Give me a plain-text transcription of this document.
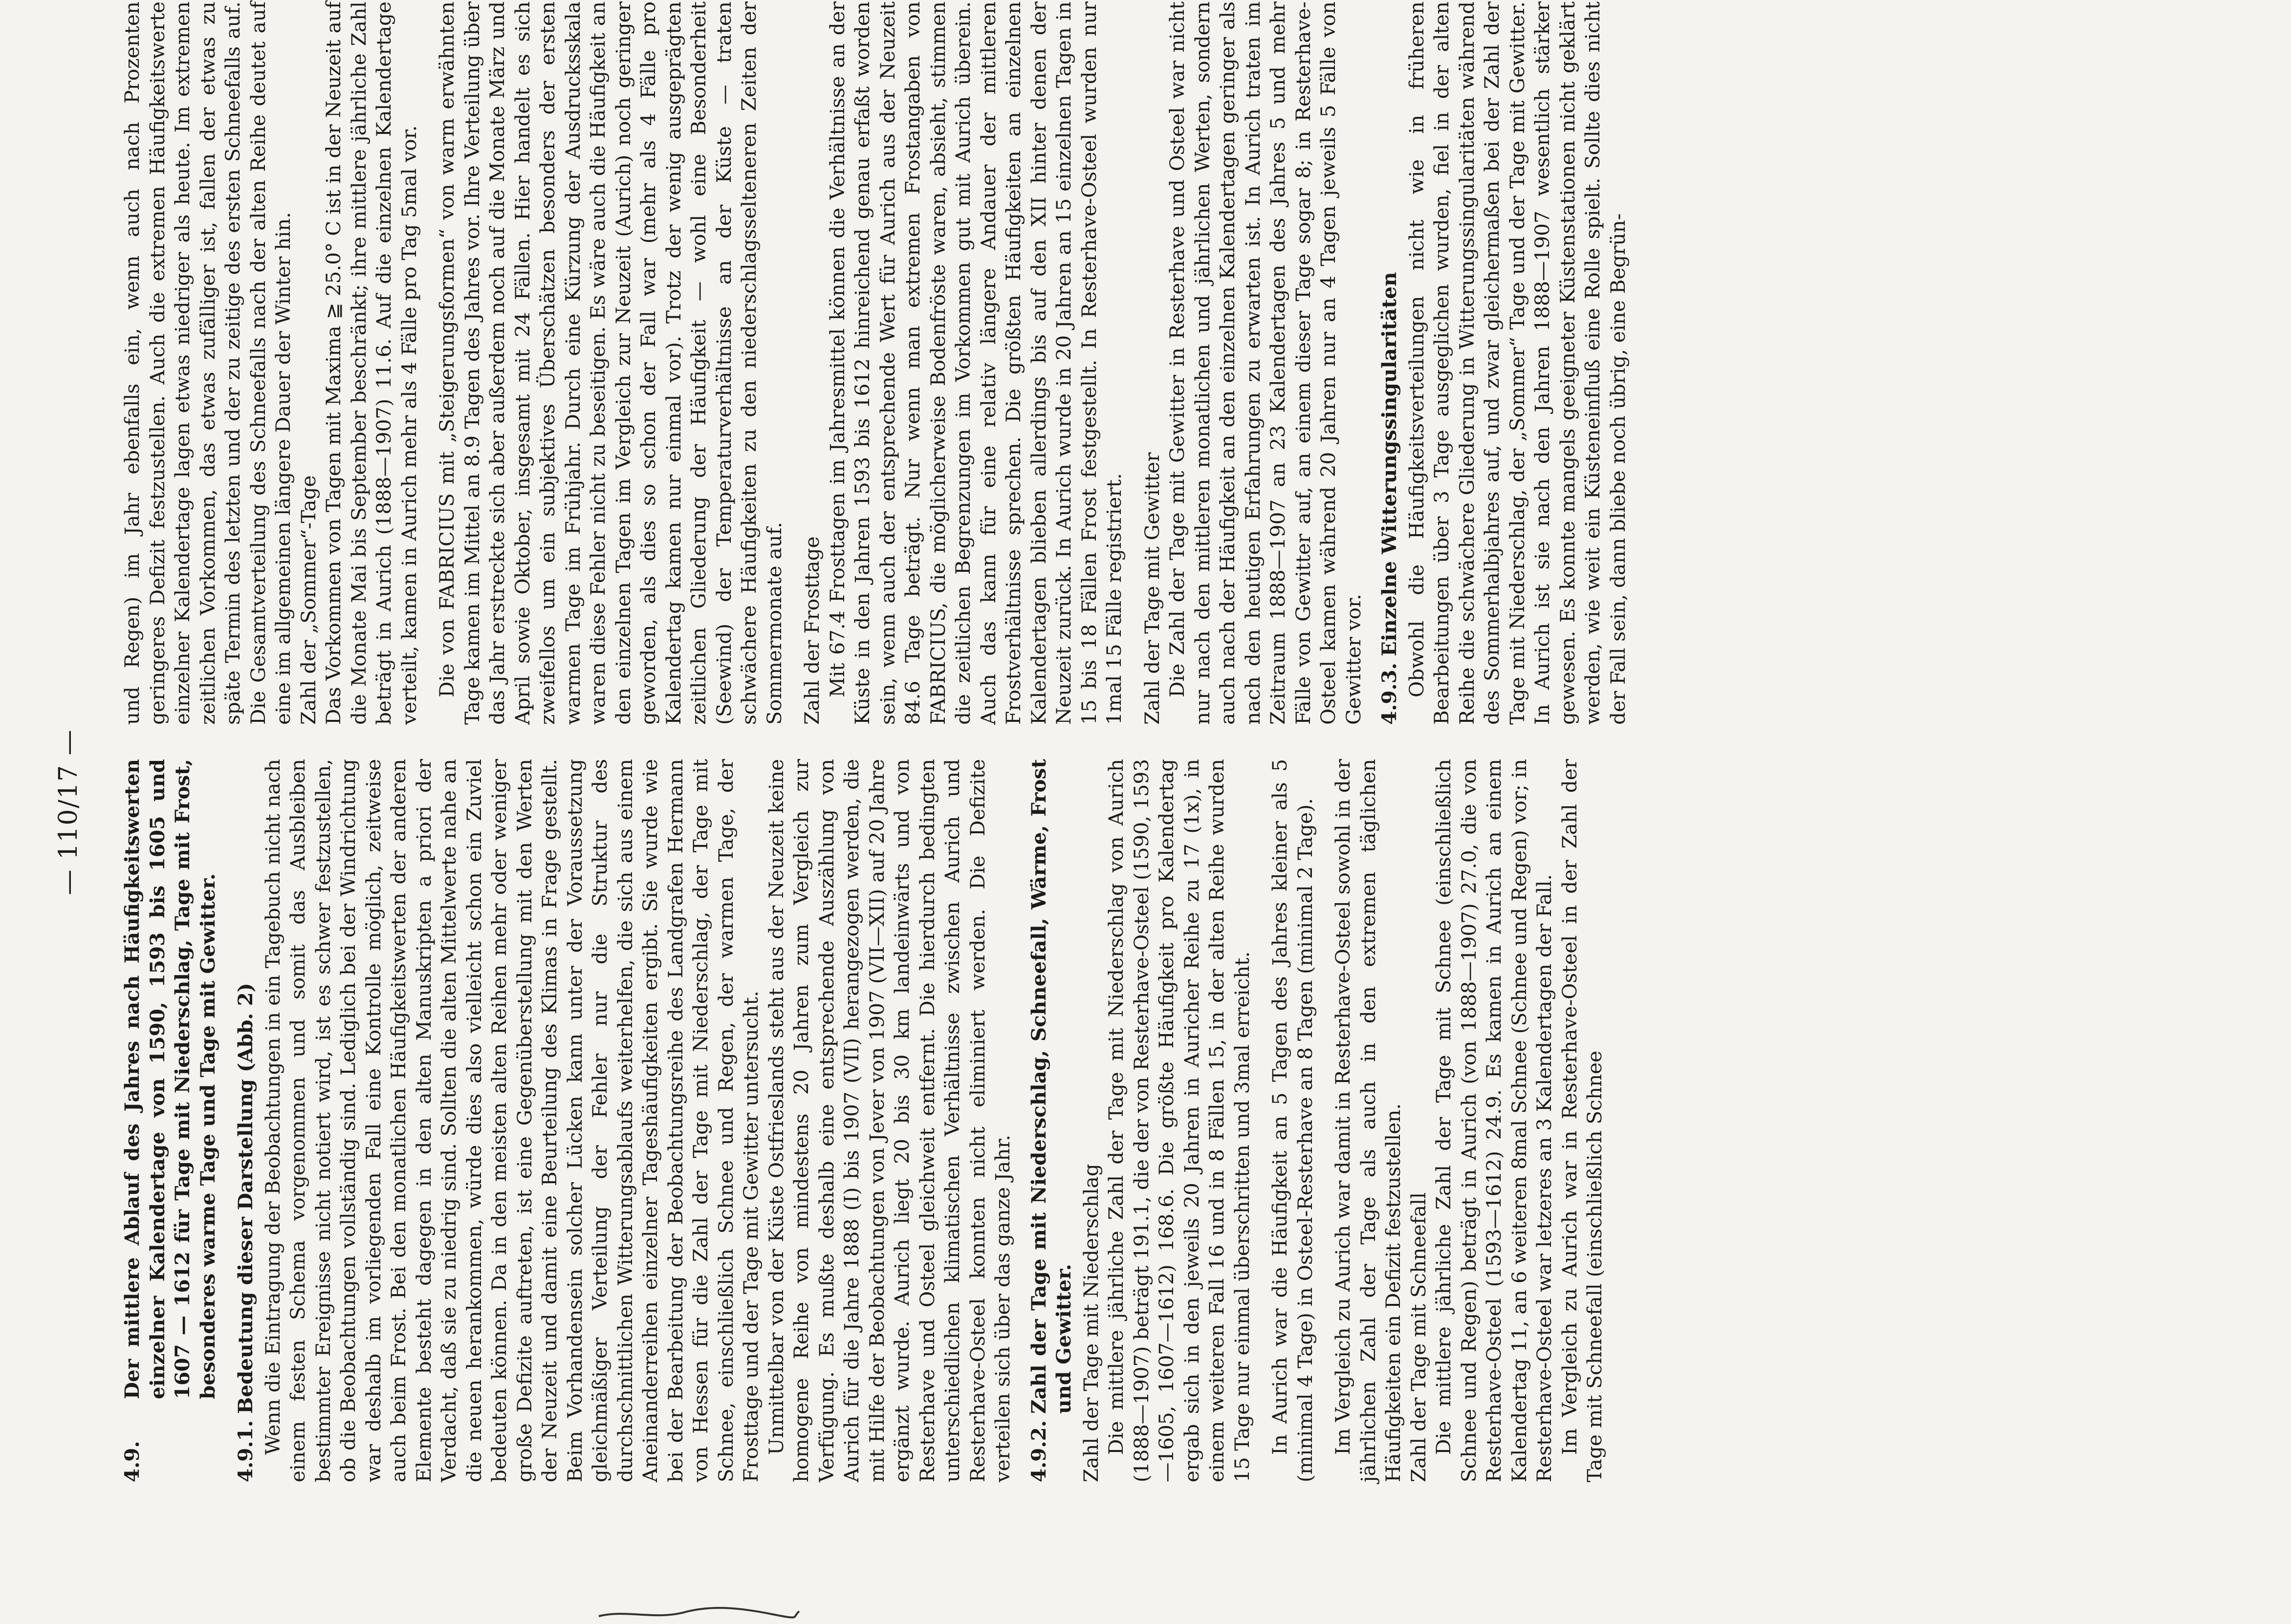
— 110/17 —
4.9.
Der mittlere Ablauf des Jahres nach Häufigkeitswerten einzelner Kalendertage von 1590, 1593 bis 1605 und 1607 — 1612 für Tage mit Niederschlag, Tage mit Frost, besonderes warme Tage und Tage mit Gewitter.
4.9.1.
Bedeutung dieser Darstellung (Abb. 2) Wenn die Eintragung der Beobachtungen in ein Tagebuch nicht nach einem festen Schema vorgenommen und somit das Ausbleiben bestimmter Ereignisse nicht notiert wird, ist es schwer festzustellen, ob die Beobachtungen vollständig sind. Lediglich bei der Windrichtung war deshalb im vorliegenden Fall eine Kontrolle möglich, zeitweise auch beim Frost. Bei den monatlichen Häufigkeitswerten der anderen Elemente besteht dagegen in den alten Manuskripten a priori der Verdacht, daß sie zu niedrig sind. Sollten die alten Mittelwerte nahe an die neuen herankommen, würde dies also vielleicht schon ein Zuviel bedeuten können. Da in den meisten alten Reihen mehr oder weniger große Defizite auftreten, ist eine Gegenüberstellung mit den Werten der Neuzeit und damit eine Beurteilung des Klimas in Frage gestellt. Beim Vorhandensein solcher Lücken kann unter der Voraussetzung gleichmäßiger Verteilung der Fehler nur die Struktur des durchschnittlichen Witterungsablaufs weiterhelfen, die sich aus einem Aneinanderreihen einzelner Tageshäufigkeiten ergibt. Sie wurde wie bei der Bearbeitung der Beobachtungsreihe des Landgrafen Hermann von Hessen für die Zahl der Tage mit Niederschlag, der Tage mit Schnee, einschließlich Schnee und Regen, der warmen Tage, der Frosttage und der Tage mit Gewitter untersucht. Unmittelbar von der Küste Ostfrieslands steht aus der Neuzeit keine homogene Reihe von mindestens 20 Jahren zum Vergleich zur Verfügung. Es mußte deshalb eine entsprechende Auszählung von Aurich für die Jahre 1888 (I) bis 1907 (VII) herangezogen werden, die mit Hilfe der Beobachtungen von Jever von 1907 (VII—XII) auf 20 Jahre ergänzt wurde. Aurich liegt 20 bis 30 km landeinwärts und von Resterhave und Osteel gleichweit entfernt. Die hierdurch bedingten unterschiedlichen klimatischen Verhältnisse zwischen Aurich und Resterhave-Osteel konnten nicht eliminiert werden. Die Defizite verteilen sich über das ganze Jahr. 4.9.2.
Zahl der Tage mit Niederschlag, Schneefall, Wärme, Frost und Gewitter. Zahl der Tage mit Niederschlag Die mittlere jährliche Zahl der Tage mit Niederschlag von Aurich (1888—1907) beträgt 191.1, die der von Resterhave-Osteel (1590, 1593—1605, 1607—1612) 168.6. Die größte Häufigkeit pro Kalendertag ergab sich in den jeweils 20 Jahren in Auricher Reihe zu 17 (1x), in einem weiteren Fall 16 und in 8 Fällen 15, in der alten Reihe wurden 15 Tage nur einmal überschritten und 3mal erreicht. In Aurich war die Häufigkeit an 5 Tagen des Jahres kleiner als 5 (minimal 4 Tage) in Osteel-Resterhave an 8 Tagen (minimal 2 Tage). Im Vergleich zu Aurich war damit in Resterhave-Osteel sowohl in der jährlichen Zahl der Tage als auch in den extremen täglichen Häufigkeiten ein Defizit festzustellen. Zahl der Tage mit Schneefall Die mittlere jährliche Zahl der Tage mit Schnee (einschließlich Schnee und Regen) beträgt in Aurich (von 1888—1907) 27.0, die von Resterhave-Osteel (1593—1612) 24.9. Es kamen in Aurich an einem Kalendertag 11, an 6 weiteren 8mal Schnee (Schnee und Regen) vor; in Resterhave-Osteel war letzeres an 3 Kalendertagen der Fall. Im Vergleich zu Aurich war in Resterhave-Osteel in der Zahl der Tage mit Schneefall (einschließlich Schnee

und Regen) im Jahr ebenfalls ein, wenn auch nach Prozenten geringeres Defizit festzustellen. Auch die extremen Häufigkeitswerte einzelner Kalendertage lagen etwas niedriger als heute. Im extremen zeitlichen Vorkommen, das etwas zufälliger ist, fallen der etwas zu späte Termin des letzten und der zu zeitige des ersten Schneefalls auf. Die Gesamtverteilung des Schneefalls nach der alten Reihe deutet auf eine im allgemeinen längere Dauer der Winter hin. Zahl der „Sommer“-Tage Das Vorkommen von Tagen mit Maxima ≧ 25.0° C ist in der Neuzeit auf die Monate Mai bis September beschränkt; ihre mittlere jährliche Zahl beträgt in Aurich (1888—1907) 11.6. Auf die einzelnen Kalendertage verteilt, kamen in Aurich mehr als 4 Fälle pro Tag 5mal vor. Die von FABRICIUS mit „Steigerungsformen“ von warm erwähnten Tage kamen im Mittel an 8.9 Tagen des Jahres vor. Ihre Verteilung über das Jahr erstreckte sich aber außerdem noch auf die Monate März und April sowie Oktober, insgesamt mit 24 Fällen. Hier handelt es sich zweifellos um ein subjektives Überschätzen besonders der ersten warmen Tage im Frühjahr. Durch eine Kürzung der Ausdrucksskala waren diese Fehler nicht zu beseitigen. Es wäre auch die Häufigkeit an den einzelnen Tagen im Vergleich zur Neuzeit (Aurich) noch geringer geworden, als dies so schon der Fall war (mehr als 4 Fälle pro Kalendertag kamen nur einmal vor). Trotz der wenig ausgeprägten zeitlichen Gliederung der Häufigkeit — wohl eine Besonderheit (Seewind) der Temperaturverhältnisse an der Küste — traten schwächere Häufigkeiten zu den niederschlagsselteneren Zeiten der Sommermonate auf. Zahl der Frosttage Mit 67.4 Frosttagen im Jahresmittel können die Verhältnisse an der Küste in den Jahren 1593 bis 1612 hinreichend genau erfaßt worden sein, wenn auch der entsprechende Wert für Aurich aus der Neuzeit 84.6 Tage beträgt. Nur wenn man extremen Frostangaben von FABRICIUS, die möglicherweise Bodenfröste waren, absieht, stimmen die zeitlichen Begrenzungen im Vorkommen gut mit Aurich überein. Auch das kann für eine relativ längere Andauer der mittleren Frostverhältnisse sprechen. Die größten Häufigkeiten an einzelnen Kalendertagen blieben allerdings bis auf den XII hinter denen der Neuzeit zurück. In Aurich wurde in 20 Jahren an 15 einzelnen Tagen in 15 bis 18 Fällen Frost festgestellt. In Resterhave-Osteel wurden nur 1mal 15 Fälle registriert. Zahl der Tage mit Gewitter Die Zahl der Tage mit Gewitter in Resterhave und Osteel war nicht nur nach den mittleren monatlichen und jährlichen Werten, sondern auch nach der Häufigkeit an den einzelnen Kalendertagen geringer als nach den heutigen Erfahrungen zu erwarten ist. In Aurich traten im Zeitraum 1888—1907 an 23 Kalendertagen des Jahres 5 und mehr Fälle von Gewitter auf, an einem dieser Tage sogar 8; in Resterhave-Osteel kamen während 20 Jahren nur an 4 Tagen jeweils 5 Fälle von Gewitter vor. 4.9.3.
Einzelne Witterungssingularitäten Obwohl die Häufigkeitsverteilungen nicht wie in früheren Bearbeitungen über 3 Tage ausgeglichen wurden, fiel in der alten Reihe die schwächere Gliederung in Witterungssingularitäten während des Sommerhalbjahres auf, und zwar gleichermaßen bei der Zahl der Tage mit Niederschlag, der „Sommer“ Tage und der Tage mit Gewitter. In Aurich ist sie nach den Jahren 1888—1907 wesentlich stärker gewesen. Es konnte mangels geeigneter Küstenstationen nicht geklärt werden, wie weit ein Küsteneinfluß eine Rolle spielt. Sollte dies nicht der Fall sein, dann bliebe noch übrig, eine Begrün-
